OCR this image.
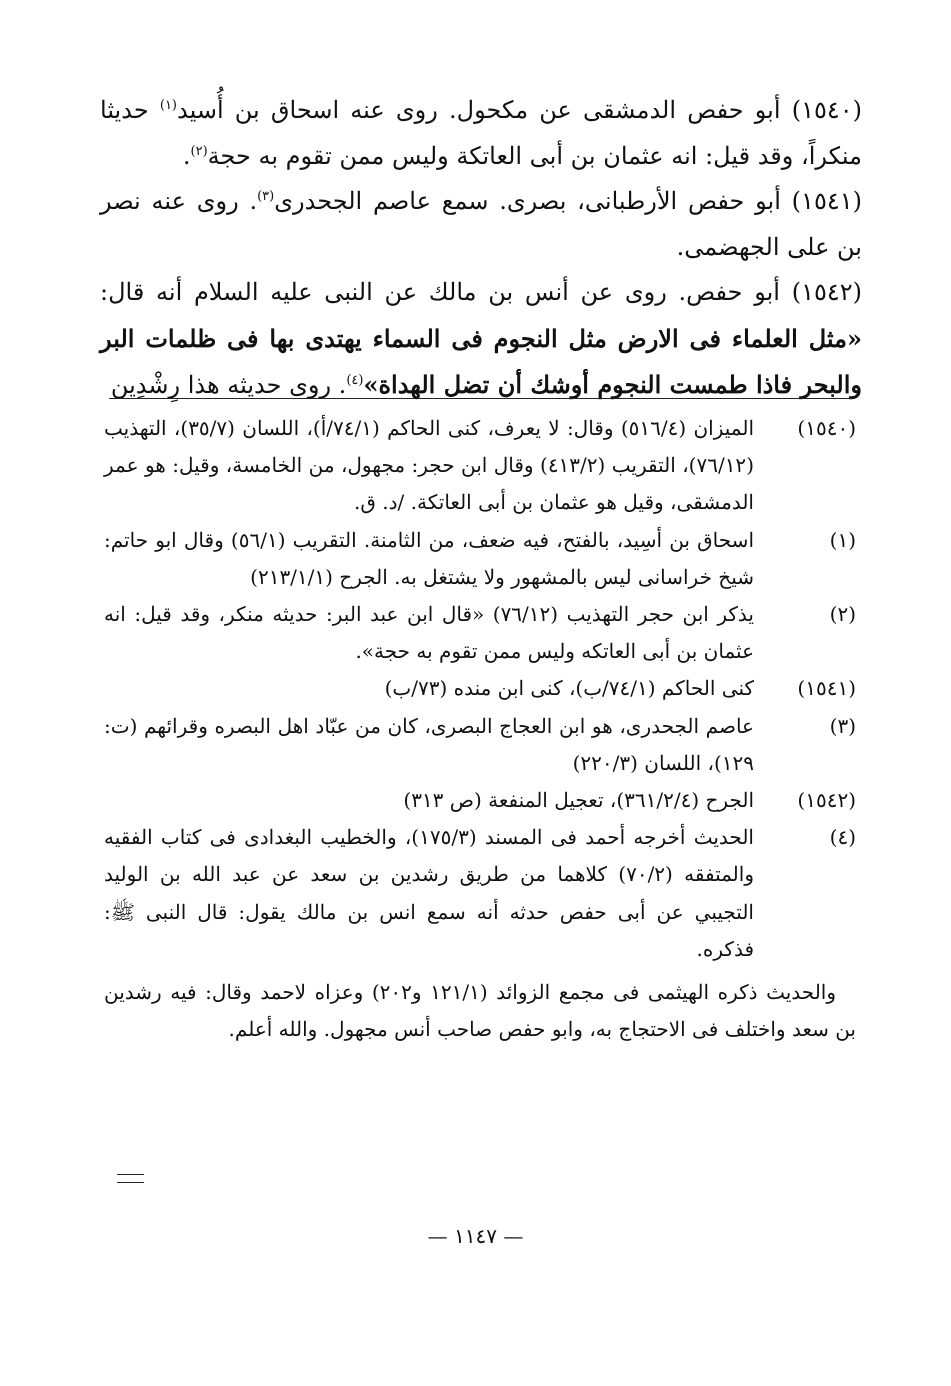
(١٥٤٠) أبو حفص الدمشقى عن مكحول. روى عنه اسحاق بن أُسيد$^{(١)}$ حديثا منكراً، وقد قيل: انه عثمان بن أبى العاتكة وليس ممن تقوم به حجة$^{(٢)}$.

(١٥٤١) أبو حفص الأرطبانى، بصرى. سمع عاصم الجحدرى$^{(٣)}$. روى عنه نصر بن على الجهضمى.

(١٥٤٢) أبو حفص. روى عن أنس بن مالك عن النبى عليه السلام أنه قال: «مثل العلماء فى الارض مثل النجوم فى السماء يهتدى بها فى ظلمات البر والبحر فاذا طمست النجوم أوشك أن تضل الهداة»$^{(٤)}$. روى حديثه هذا رِشْدِين

(١٥٤٠)

الميزان (٥١٦/٤) وقال: لا يعرف، كنى الحاكم (٧٤/١/أ)، اللسان (٣٥/٧)، التهذيب (٧٦/١٢)، التقريب (٤١٣/٢) وقال ابن حجر: مجهول، من الخامسة، وقيل: هو عمر الدمشقى، وقيل هو عثمان بن أبى العاتكة. /د. ق.

(١)

اسحاق بن أسِيد، بالفتح، فيه ضعف، من الثامنة. التقريب (٥٦/١) وقال ابو حاتم: شيخ خراسانى ليس بالمشهور ولا يشتغل به. الجرح (٢١٣/١/١)

(٢)

يذكر ابن حجر التهذيب (٧٦/١٢) «قال ابن عبد البر: حديثه منكر، وقد قيل: انه عثمان بن أبى العاتكه وليس ممن تقوم به حجة».

(١٥٤١)

كنى الحاكم (٧٤/١/ب)، كنى ابن منده (٧٣/ب)

(٣)

عاصم الجحدرى، هو ابن العجاج البصرى، كان من عبّاد اهل البصره وقرائهم (ت: ١٢٩)، اللسان (٢٢٠/٣)

(١٥٤٢)

الجرح (٣٦١/٢/٤)، تعجيل المنفعة (ص ٣١٣)

(٤)

الحديث أخرجه أحمد فى المسند (١٧٥/٣)، والخطيب البغدادى فى كتاب الفقيه والمتفقه (٧٠/٢) كلاهما من طريق رشدين بن سعد عن عبد الله بن الوليد التجيبي عن أبى حفص حدثه أنه سمع انس بن مالك يقول: قال النبى ﷺ: فذكره.

والحديث ذكره الهيثمى فى مجمع الزوائد (١٢١/١ و٢٠٢) وعزاه لاحمد وقال: فيه رشدين بن سعد واختلف فى الاحتجاج به، وابو حفص صاحب أنس مجهول. والله أعلم.

— ١١٤٧ —
